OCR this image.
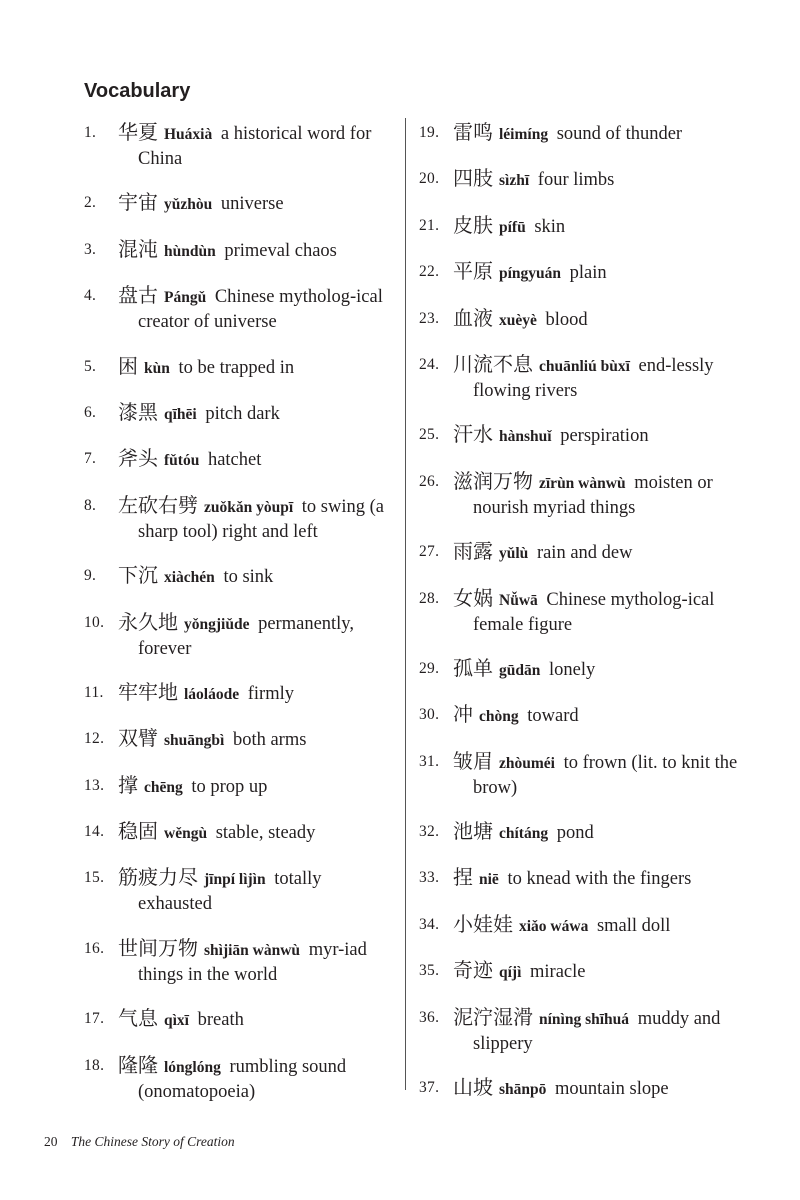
Vocabulary
1. 华夏 Huáxià a historical word for China
2. 宇宙 yǔzhòu universe
3. 混沌 hùndùn primeval chaos
4. 盘古 Pángǔ Chinese mytholog-ical creator of universe
5. 困 kùn to be trapped in
6. 漆黑 qīhēi pitch dark
7. 斧头 fǔtóu hatchet
8. 左砍右劈 zuǒkǎn yòupī to swing (a sharp tool) right and left
9. 下沉 xiàchén to sink
10. 永久地 yǒngjiǔde permanently, forever
11. 牢牢地 láoláode firmly
12. 双臂 shuāngbì both arms
13. 撑 chēng to prop up
14. 稳固 wěngù stable, steady
15. 筋疲力尽 jīnpí lìjìn totally exhausted
16. 世间万物 shìjiān wànwù myr-iad things in the world
17. 气息 qìxī breath
18. 隆隆 lónglóng rumbling sound (onomatopoeia)
19. 雷鸣 léimíng sound of thunder
20. 四肢 sìzhī four limbs
21. 皮肤 pífū skin
22. 平原 píngyuán plain
23. 血液 xuèyè blood
24. 川流不息 chuānliú bùxī end-lessly flowing rivers
25. 汗水 hànshuǐ perspiration
26. 滋润万物 zīrùn wànwù moisten or nourish myriad things
27. 雨露 yǔlù rain and dew
28. 女娲 Nǚwā Chinese mytholog-ical female figure
29. 孤单 gūdān lonely
30. 冲 chòng toward
31. 皱眉 zhòuméi to frown (lit. to knit the brow)
32. 池塘 chítáng pond
33. 捏 niē to knead with the fingers
34. 小娃娃 xiǎo wáwa small doll
35. 奇迹 qíjì miracle
36. 泥泞湿滑 nínìng shīhuá muddy and slippery
37. 山坡 shānpō mountain slope
20 The Chinese Story of Creation
